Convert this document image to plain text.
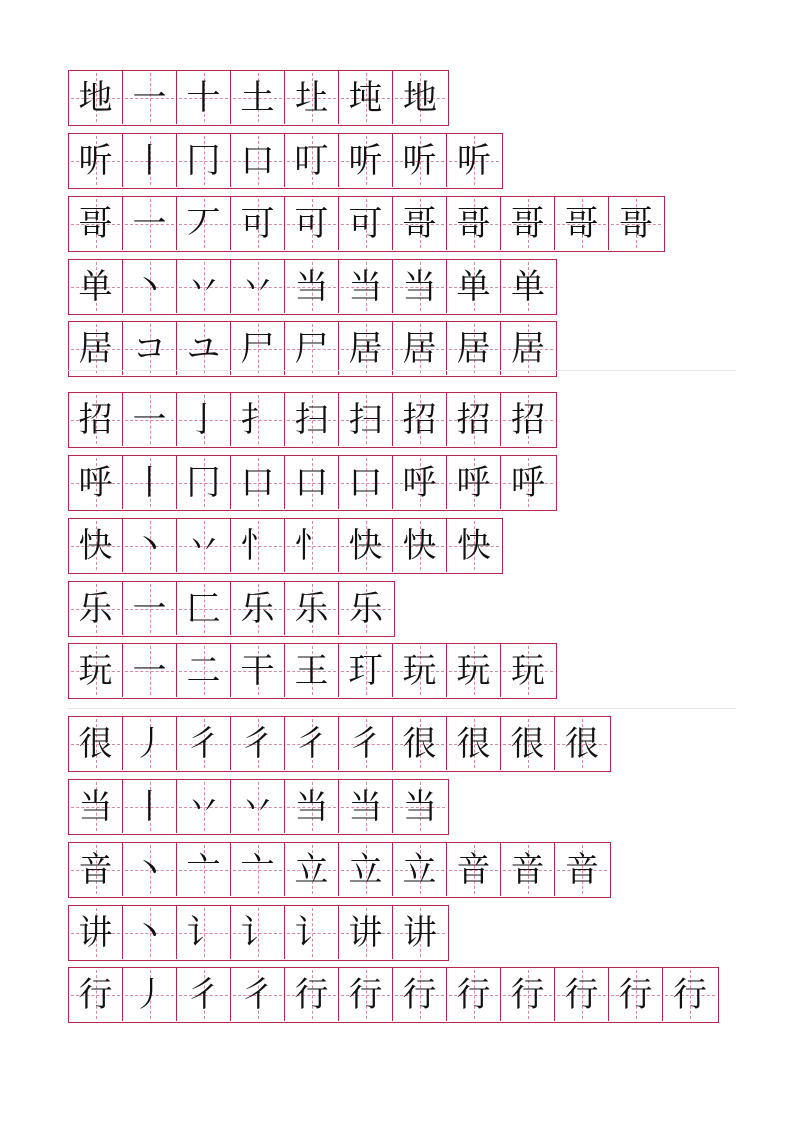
地 一 十 土 圵 坉 地
听 丨 冂 口 叮 听 听 听
哥 一 丆 可 可 可 哥 哥 哥 哥 哥
单 丶 丷 丷 当 当 当 单 单
居 コ ユ 尸 尸 居 居 居 居
招 一 亅 扌 扫 扫 招 招 招
呼 丨 冂 口 口 口 呼 呼 呼
快 丶 丷 忄 忄 快 快 快
乐 一 匚 乐 乐 乐
玩 一 二 干 王 玎 玩 玩 玩
很 丿 彳 彳 彳 彳 很 很 很 很
当 丨 丷 丷 当 当 当
音 丶 亠 亠 立 立 立 音 音 音
讲 丶 讠 讠 讠 讲 讲
行 丿 彳 彳 行 行 行 行 行 行 行 行
